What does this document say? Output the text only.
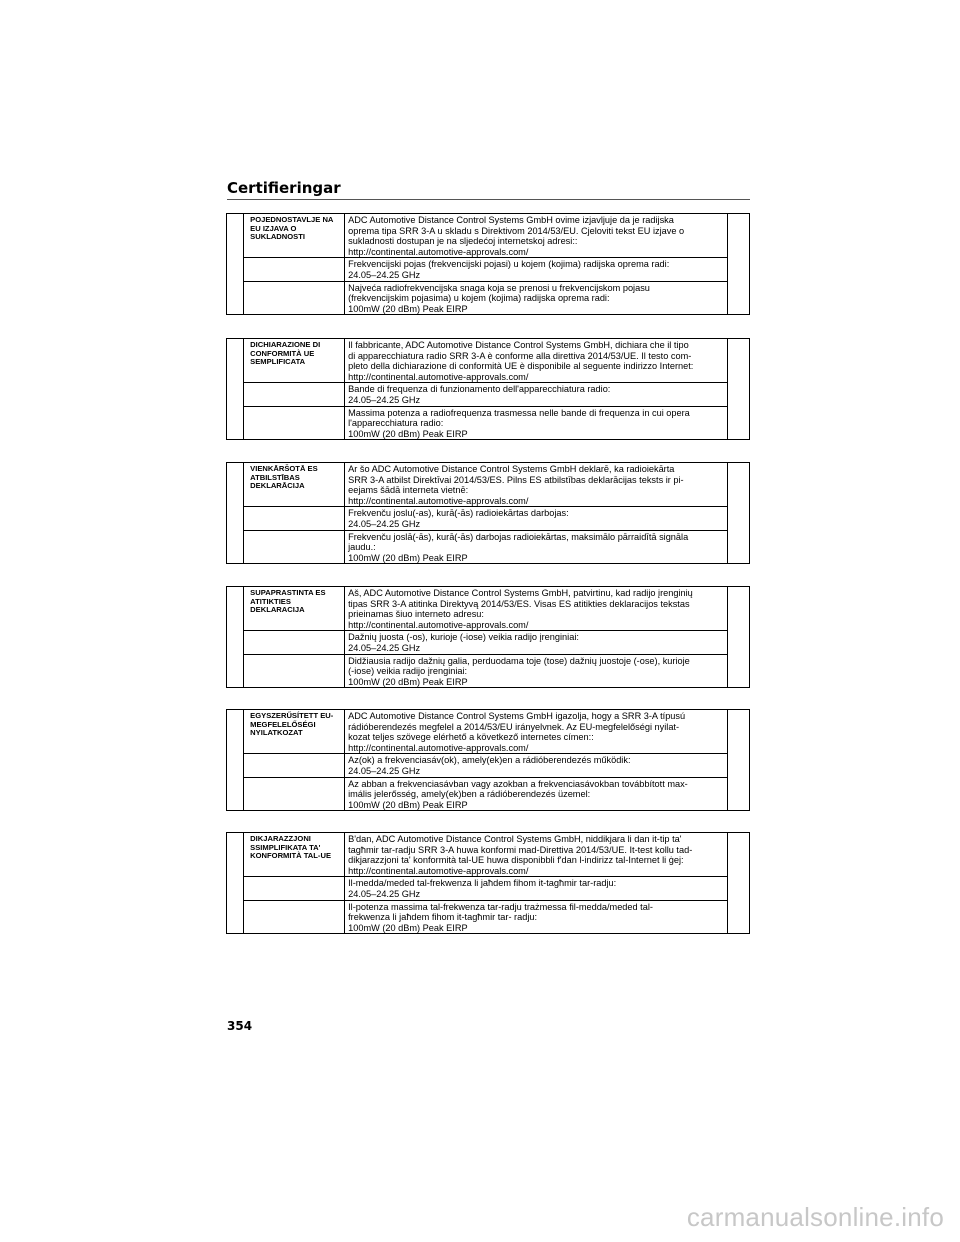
Certifieringar
	POJEDNOSTAVLJE NA EU IZJAVA O SUKLADNOSTI	ADC Automotive Distance Control Systems GmbH ovime izjavljuje da je radijska
oprema tipa SRR 3-A u skladu s Direktivom 2014/53/EU. Cjeloviti tekst EU izjave o
sukladnosti dostupan je na sljedećoj internetskoj adresi::
http://continental.automotive-approvals.com/	
		Frekvencijski pojas (frekvencijski pojasi) u kojem (kojima) radijska oprema radi:
24.05–24.25 GHz	
		Najveća radiofrekvencijska snaga koja se prenosi u frekvencijskom pojasu
(frekvencijskim pojasima) u kojem (kojima) radijska oprema radi:
100mW (20 dBm) Peak EIRP	
	DICHIARAZIONE DI CONFORMITÀ UE SEMPLIFICATA	Il fabbricante, ADC Automotive Distance Control Systems GmbH, dichiara che il tipo
di apparecchiatura radio SRR 3-A è conforme alla direttiva 2014/53/UE. Il testo com-
pleto della dichiarazione di conformità UE è disponibile al seguente indirizzo Internet:
http://continental.automotive-approvals.com/	
		Bande di frequenza di funzionamento dell'apparecchiatura radio:
24.05–24.25 GHz	
		Massima potenza a radiofrequenza trasmessa nelle bande di frequenza in cui opera
l'apparecchiatura radio:
100mW (20 dBm) Peak EIRP	
	VIENKĀRŠOTĀ ES ATBILSTĪBAS DEKLARĀCIJA	Ar šo ADC Automotive Distance Control Systems GmbH deklarē, ka radioiekārta
SRR 3-A atbilst Direktīvai 2014/53/ES. Pilns ES atbilstības deklarācijas teksts ir pi-
eejams šādā interneta vietnē:
http://continental.automotive-approvals.com/	
		Frekvenču joslu(-as), kurā(-ās) radioiekārtas darbojas:
24.05–24.25 GHz	
		Frekvenču joslā(-ās), kurā(-ās) darbojas radioiekārtas, maksimālo pārraidītā signāla
jaudu.:
100mW (20 dBm) Peak EIRP	
	SUPAPRASTINTA ES ATITIKTIES DEKLARACIJA	Aš, ADC Automotive Distance Control Systems GmbH, patvirtinu, kad radijo įrenginių
tipas SRR 3-A atitinka Direktyvą 2014/53/ES. Visas ES atitikties deklaracijos tekstas
prieinamas šiuo interneto adresu:
http://continental.automotive-approvals.com/	
		Dažnių juosta (-os), kurioje (-iose) veikia radijo įrenginiai:
24.05–24.25 GHz	
		Didžiausia radijo dažnių galia, perduodama toje (tose) dažnių juostoje (-ose), kurioje
(-iose) veikia radijo įrenginiai:
100mW (20 dBm) Peak EIRP	
	EGYSZERŰSÍTETT EU-MEGFELELŐSÉGI NYILATKOZAT	ADC Automotive Distance Control Systems GmbH igazolja, hogy a SRR 3-A típusú
rádióberendezés megfelel a 2014/53/EU irányelvnek. Az EU-megfelelőségi nyilat-
kozat teljes szövege elérhető a következő internetes címen::
http://continental.automotive-approvals.com/	
		Az(ok) a frekvenciasáv(ok), amely(ek)en a rádióberendezés működik:
24.05–24.25 GHz	
		Az abban a frekvenciasávban vagy azokban a frekvenciasávokban továbbított max-
imális jelerősség, amely(ek)ben a rádióberendezés üzemel:
100mW (20 dBm) Peak EIRP	
	DIKJARAZZJONI SSIMPLIFIKATA TA' KONFORMITÀ TAL-UE	B'dan, ADC Automotive Distance Control Systems GmbH, niddikjara li dan it-tip ta'
tagħmir tar-radju SRR 3-A huwa konformi mad-Direttiva 2014/53/UE. It-test kollu tad-
dikjarazzjoni ta' konformità tal-UE huwa disponibbli f'dan l-indirizz tal-Internet li ġej:
http://continental.automotive-approvals.com/	
		Il-medda/meded tal-frekwenza li jaħdem fihom it-tagħmir tar-radju:
24.05–24.25 GHz	
		Il-potenza massima tal-frekwenza tar-radju trażmessa fil-medda/meded tal-
frekwenza li jaħdem fihom it-tagħmir tar- radju:
100mW (20 dBm) Peak EIRP	
354
carmanualsonline.info
